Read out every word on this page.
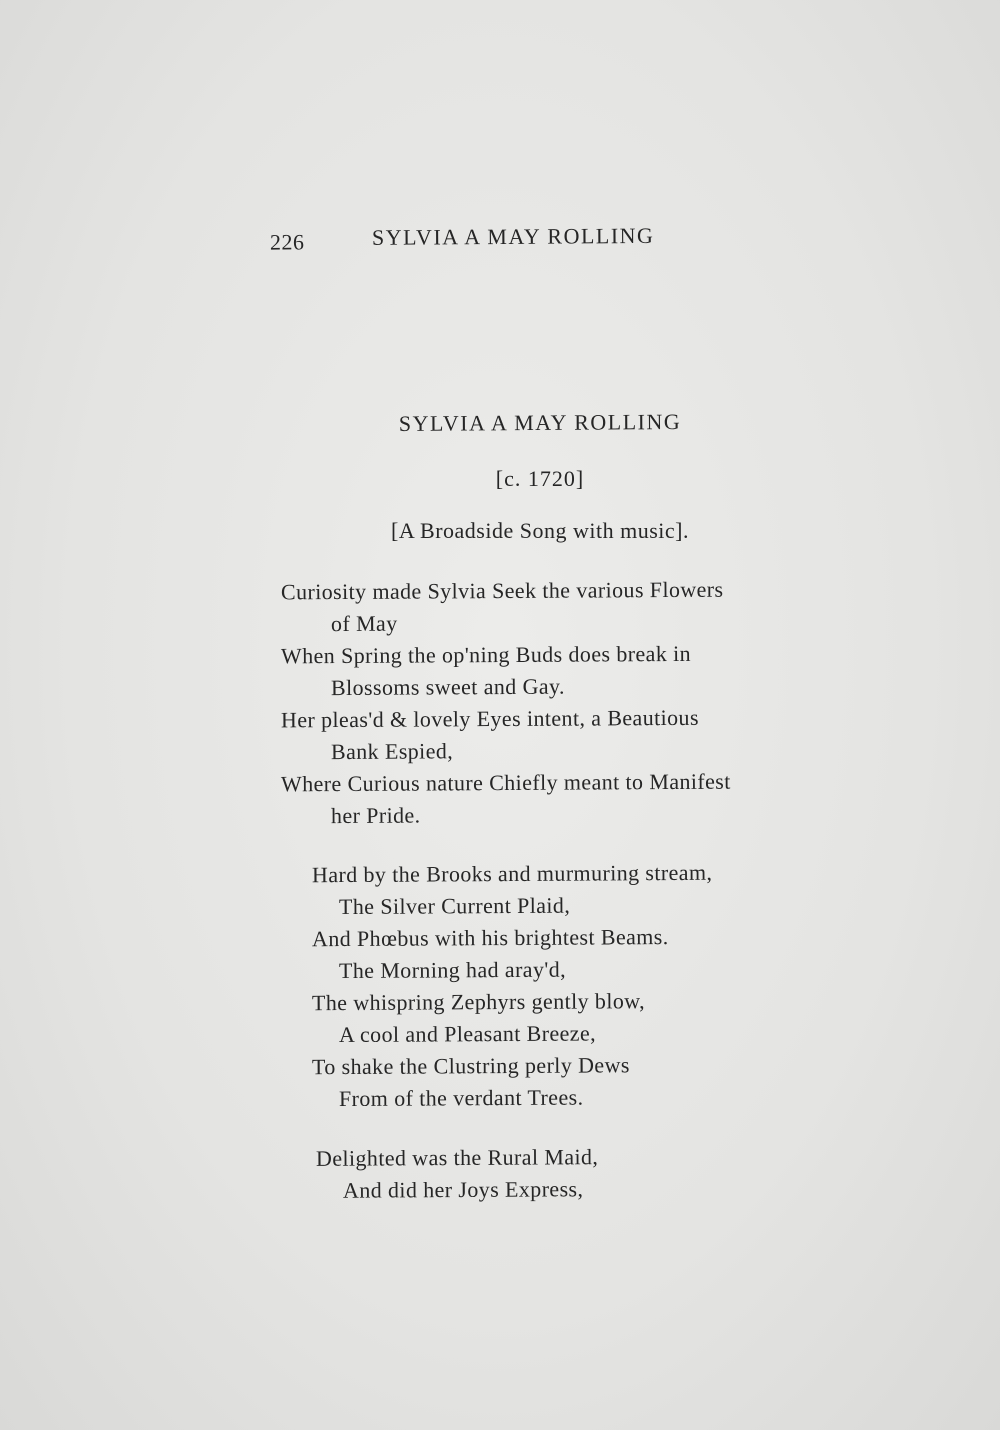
226	SYLVIA A MAY ROLLING
SYLVIA A MAY ROLLING
[c. 1720]
[A Broadside Song with music].
Curiosity made Sylvia Seek the various Flowers
of May
When Spring the op'ning Buds does break in
Blossoms sweet and Gay.
Her pleas'd & lovely Eyes intent, a Beautious
Bank Espied,
Where Curious nature Chiefly meant to Manifest
her Pride.
Hard by the Brooks and murmuring stream,
The Silver Current Plaid,
And Phœbus with his brightest Beams.
The Morning had aray'd,
The whispring Zephyrs gently blow,
A cool and Pleasant Breeze,
To shake the Clustring perly Dews
From of the verdant Trees.
Delighted was the Rural Maid,
And did her Joys Express,
